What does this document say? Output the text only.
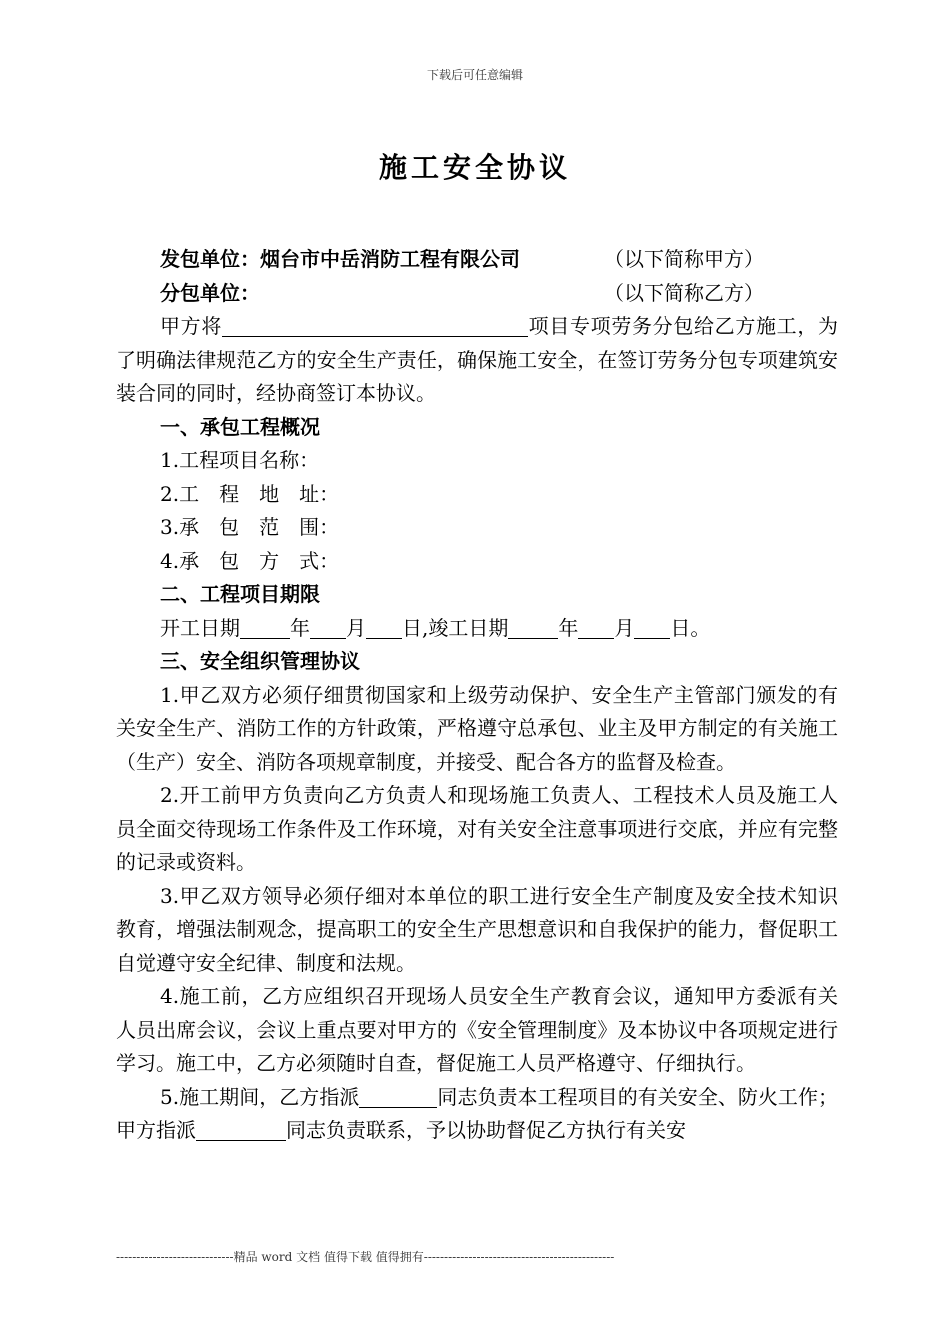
下载后可任意编辑
施工安全协议
发包单位：烟台市中岳消防工程有限公司	（以下简称甲方）
分包单位：	（以下简称乙方）
甲方将	项目专项劳务分包给乙方施工，为了明确法律规范乙方的安全生产责任，确保施工安全，在签订劳务分包专项建筑安装合同的同时，经协商签订本协议。
一、承包工程概况
1.工程项目名称：
2.工　程　地　址：
3.承　包　范　围：
4.承　包　方　式：
二、工程项目期限
开工日期	年 月 日,竣工日期	年 月 日。
三、安全组织管理协议
1.甲乙双方必须仔细贯彻国家和上级劳动保护、安全生产主管部门颁发的有关安全生产、消防工作的方针政策，严格遵守总承包、业主及甲方制定的有关施工（生产）安全、消防各项规章制度，并接受、配合各方的监督及检查。
2.开工前甲方负责向乙方负责人和现场施工负责人、工程技术人员及施工人员全面交待现场工作条件及工作环境，对有关安全注意事项进行交底，并应有完整的记录或资料。
3.甲乙双方领导必须仔细对本单位的职工进行安全生产制度及安全技术知识教育，增强法制观念，提高职工的安全生产思想意识和自我保护的能力，督促职工自觉遵守安全纪律、制度和法规。
4.施工前，乙方应组织召开现场人员安全生产教育会议，通知甲方委派有关人员出席会议，会议上重点要对甲方的《安全管理制度》及本协议中各项规定进行学习。施工中，乙方必须随时自查，督促施工人员严格遵守、仔细执行。
5.施工期间，乙方指派	同志负责本工程项目的有关安全、防火工作；甲方指派	同志负责联系，予以协助督促乙方执行有关安
-----------------------------精品 word 文档 值得下载 值得拥有-----------------------------------------------
